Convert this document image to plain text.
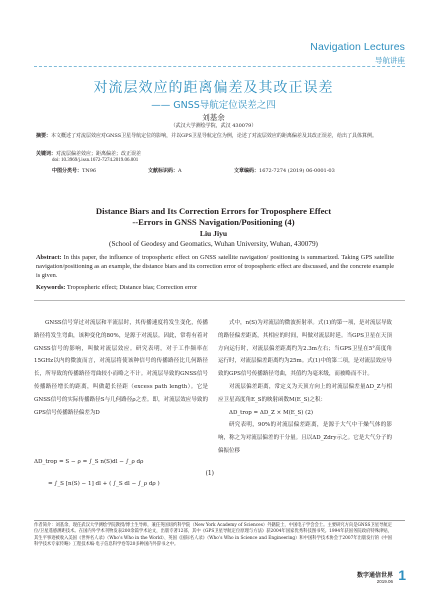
Navigation Lectures
导航讲座
对流层效应的距离偏差及其改正误差
—— GNSS导航定位误差之四
刘基余
（武汉大学测绘学院，武汉 430079）
摘要：本文概述了对流层效应对GNSS卫星导航定位的影响，并以GPS卫星导航定位为例，论述了对流层效应的距离偏差及其改正误差，给出了具体算例。
关键词：对流层偏差效应；距离偏差；改正误差
doi: 10.3969/j.issn.1672-7274.2019.06.001
中图分类号：TN96	文献标识码：A	文章编码：1672-7274 (2019) 06-0001-03
Distance Biars and Its Correction Errors for Troposphere Effect
--Errors in GNSS Navigation/Positioning (4)
Liu Jiyu
(School of Geodesy and Geomatics, Wuhan University, Wuhan, 430079)
Abstract: In this paper, the influence of tropospheric effect on GNSS satellite navigation/ positioning is summarized. Taking GPS satellite navigation/positioning as an example, the distance biars and its correction error of tropospheric effect are discussed, and the concrete example is given.
Keywords: Tropospheric effect; Distance bias; Correction error

GNSS信号穿过对流层和平流层时，其传播速度将发生变化，传播路径将发生弯曲，该种变化的80%，是源于对流层。因此，常将有着对GNSS信号的影响，叫做对流层效应。研究表明，对于工作频率在15GHz以内的微波而言，对流层将使该种信号的传播路径比几何路径长，所导致的传播路径弯曲较小而略之不计。对流层导致的GNSS信号传播路径增长的距离，叫做超长径距（excess path length）。它是GNSS信号的实际传播路径S与几何路径ρ之差。即，对流层效应导致的GPS信号传播路径偏差为D

ΔD_trop = S − ρ = ∫_S n(S)dl − ∫_ρ dρ
= ∫_S [n(S) − 1] dl + ( ∫_S dl − ∫_ρ dρ )
(1)

式中，n(S)为对流层的微波折射率。式(1)的第一项，是对流层导致的路径偏差距离，其相应的时间，叫做对流层时延。当GPS卫星在天顶方向运行时，对流层偏差距离约为2.3m左右；当GPS卫星在5°高度角运行时，对流层偏差距离约为25m。式(1)中的第二项，是对流层效应导致的GPS信号传播路径弯曲，其值约为毫米级，而被略而不计。

对流层偏差距离，常定义为天顶方向上的对流层偏差量ΔD_Z与相应卫星高度角E_S的映射函数M(E_S)之积：

ΔD_trop = ΔD_Z × M(E_S) (2)

研究表明，90%的对流层偏差距离，是源于大气中干燥气体的影响，称之为对流层偏差的干分量。且以ΔD_Zdry示之。它是大气分子的偏振位移

作者简介：刘基余，现任武汉大学测绘学院教授/博士生导师，兼任英国纽约科学院（New York Academy of Sciences）外籍院士，中国电子学会会士。主要研究方向是GNSS卫星导航定位/卫星遥感测距技术。在国内外学术刊物发表200余篇学术论文，出版专著12部，其中《GPS卫星导航定位原理与方法》获2004年国家优秀科技图书奖。1994年获国务院政府特殊津贴，其生平事迹被收入美国《世界名人录》（Who’s Who in the World）、英国《国际名人录》（Who’s Who in Science and Engineering）和中国科学技术协会于2007年出版发行的《中国科学技术专家传略》工程技术编·电子信息科学卷等20多种国内外辞书之中。
数字通信世界
2019.06 1
